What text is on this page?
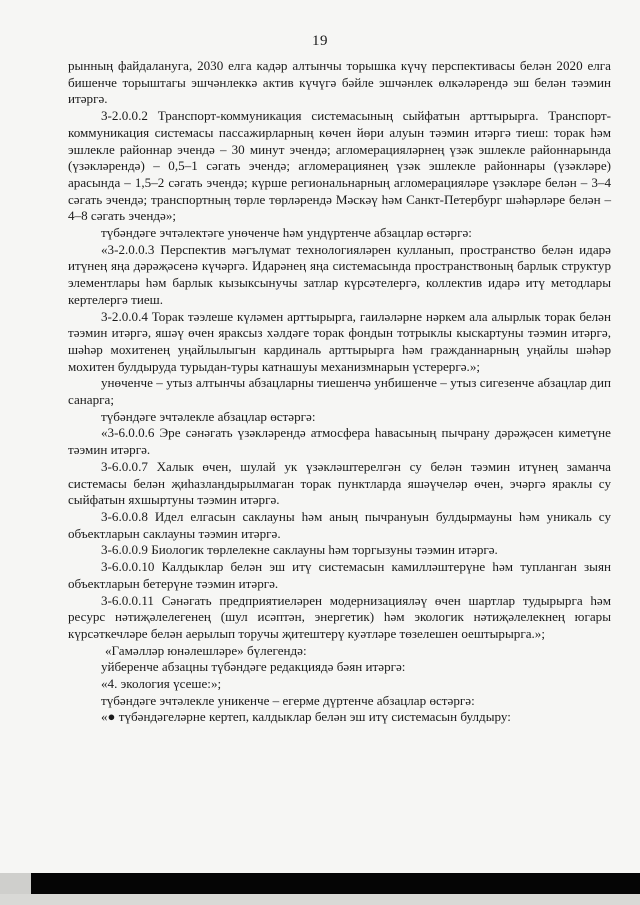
19

рынның файдалануга, 2030 елга кадәр алтынчы торышка күчү перспективасы белән 2020 елга бишенче торыштагы эшчәнлеккә актив күчүгә бәйле эшчәнлек өлкәләрендә эш белән тәэмин итәргә.

3-2.0.0.2 Транспорт-коммуникация системасының сыйфатын арттырырга. Транспорт-коммуникация системасы пассажирларның көчен йөри алуын тәэмин итәргә тиеш: торак һәм эшлекле районнар эчендә – 30 минут эчендә; агломерацияләрнең үзәк эшлекле районнарында (үзәкләрендә) – 0,5–1 сәгать эчендә; агломерациянең үзәк эшлекле районнары (үзәкләре) арасында – 1,5–2 сәгать эчендә; күрше региональнарның агломерацияләре үзәкләре белән – 3–4 сәгать эчендә; транспортның төрле төрләрендә Мәскәү һәм Санкт-Петербург шәһәрләре белән – 4–8 сәгать эчендә»;

түбәндәге эчтәлектәге унөченче һәм ундүртенче абзацлар өстәргә:

«3-2.0.0.3 Перспектив мәгълүмат технологияләрен кулланып, пространство белән идарә итүнең яңа дәрәҗәсенә күчәргә. Идарәнең яңа системасында пространствоның барлык структур элементлары һәм барлык кызыксынучы затлар күрсәтелергә, коллектив идарә итү методлары кертелергә тиеш.

3-2.0.0.4 Торак тәэлеше күләмен арттырырга, гаиләләрне нәркем ала алырлык торак белән тәэмин итәргә, яшәү өчен яраксыз хәлдәге торак фондын тотрыклы кыскартуны тәэмин итәргә, шәһәр мохитенең уңайлылыгын кардиналь арттырырга һәм гражданнарның уңайлы шәһәр мохитен булдыруда турыдан-туры катнашуы механизмнарын үстерергә.»;

унөченче – утыз алтынчы абзацларны тиешенчә унбишенче – утыз сигезенче абзацлар дип санарга;

түбәндәге эчтәлекле абзацлар өстәргә:

«3-6.0.0.6 Эре сәнәгать үзәкләрендә атмосфера һавасының пычрану дәрәҗәсен киметүне тәэмин итәргә.

3-6.0.0.7 Халык өчен, шулай ук үзәкләштерелгән су белән тәэмин итүнең заманча системасы белән җиһазландырылмаган торак пунктларда яшәүчеләр өчен, эчәргә яраклы су сыйфатын яхшыртуны тәэмин итәргә.

3-6.0.0.8 Идел елгасын саклауны һәм аның пычрануын булдырмауны һәм уникаль су объектларын саклауны тәэмин итәргә.

3-6.0.0.9 Биологик төрлелекне саклауны һәм торгызуны тәэмин итәргә.

3-6.0.0.10 Калдыклар белән эш итү системасын камилләштерүне һәм тупланган зыян объектларын бетерүне тәэмин итәргә.

3-6.0.0.11 Сәнәгать предприятиеләрен модернизацияләү өчен шартлар тудырырга һәм ресурс нәтиҗәлелегенең (шул исәптән, энергетик) һәм экологик нәтиҗәлелекнең югары күрсәткечләре белән аерылып торучы җитештерү куәтләре төзелешен оештырырга.»;

«Гамәлләр юнәлешләре» бүлегендә:

уйберенче абзацны түбәндәге редакциядә бәян итәргә:

«4. экология үсеше:»;

түбәндәге эчтәлекле уникенче – егерме дүртенче абзацлар өстәргә:

«● түбәндәгеләрне кертеп, калдыклар белән эш итү системасын булдыру:
